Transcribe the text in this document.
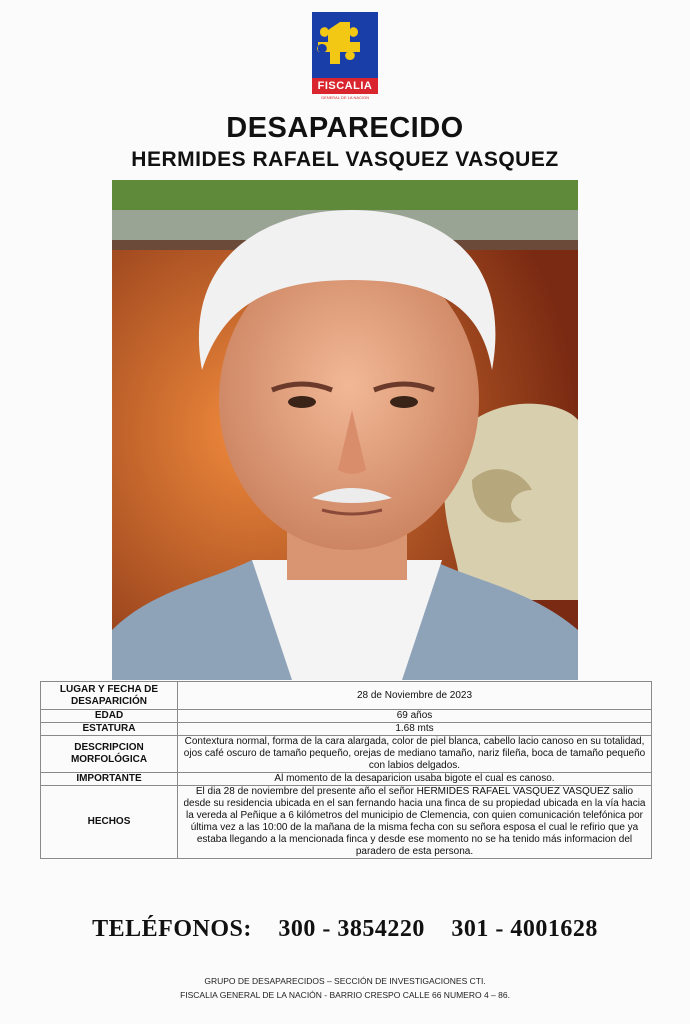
FISCALIA
GENERAL DE LA NACION
DESAPARECIDO
HERMIDES RAFAEL VASQUEZ VASQUEZ
LUGAR Y FECHA DE DESAPARICIÓN	28 de Noviembre de 2023
EDAD	69 años
ESTATURA	1.68 mts
DESCRIPCION MORFOLÓGICA	Contextura normal, forma de la cara alargada, color de piel blanca, cabello lacio canoso en su totalidad, ojos café oscuro de tamaño pequeño, orejas de mediano tamaño, nariz fileña, boca de tamaño pequeño con labios delgados.
IMPORTANTE	Al momento de la desaparicion usaba bigote el cual es canoso.
HECHOS	El dia 28 de noviembre del presente año el señor HERMIDES RAFAEL VASQUEZ VASQUEZ salio desde su residencia ubicada en el san fernando hacia una finca de su propiedad ubicada en la vía hacia la vereda al Peñique a 6 kilómetros del municipio de Clemencia, con quien comunicación telefónica por última vez a las 10:00 de la mañana de la misma fecha con su señora esposa el cual le refirio que ya estaba llegando a la mencionada finca y desde ese momento no se ha tenido más informacion del paradero de esta persona.
TELÉFONOS: 300 - 3854220 301 - 4001628
GRUPO DE DESAPARECIDOS – SECCIÓN DE INVESTIGACIONES CTI.
FISCALIA GENERAL DE LA NACIÓN - BARRIO CRESPO CALLE 66 NUMERO 4 – 86.
